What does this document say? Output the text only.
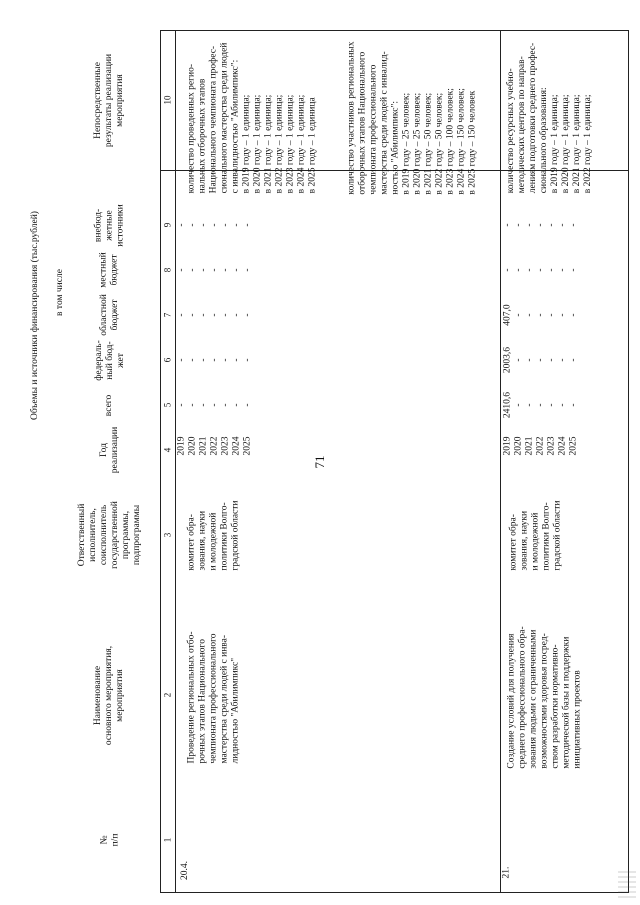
71
Непосредственные
результаты реализации
мероприятия	10
внебюд-
жетные
источники
местный
бюджет
областной
бюджет
федераль-
ный бюд-
жет
всего
Объемы и источники финансирования (тыс.рублей) в том числе
Год
реализации
Ответственный
исполнитель,
соисполнитель
государственной
программы,
подпрограммы
Наименование
основного мероприятия,
мероприятия
№
п/п
9
8
7
6
5
4
3
2
1
количество проведенных регио-
нальных отборочных этапов
Национального чемпионата профес-
сионального мастерства среди людей
с инвалидностью "Абилимпикс":
в 2019 году – 1 единица;
в 2020 году – 1 единица;
в 2021 году – 1 единица;
в 2022 году – 1 единица;
в 2023 году – 1 единица;
в 2024 году – 1 единица;
в 2025 году – 1 единица
количество участников региональных
отборочных этапов Национального
чемпионата профессионального
мастерства среди людей с инвалид-
ностью "Абилимпикс":
в 2019 году – 25 человек;
в 2020 году – 25 человек;
в 2021 году – 50 человек;
в 2022 году – 50 человек;
в 2023 году – 100 человек;
в 2024 году – 150 человек;
в 2025 году – 150 человек
комитет обра-
зования, науки
и молодежной
политики Волго-
градской области
Проведение региональных отбо-
рочных этапов Национального
чемпионата профессионального
мастерства среди людей с инва-
лидностью "Абилимпикс"
20.4.
2019 2020 2021 2022 2023 2024 2025
- - - - - - -
- - - - - - -
- - - - - - -
- - - - - - -
- - - - - - -
количество ресурсных учебно-
методических центров по направ-
лениям подготовки среднего профес-
сионального образования:
в 2019 году – 1 единица;
в 2020 году – 1 единица;
в 2021 году – 1 единица;
в 2022 году – 1 единица;
комитет обра-
зования, науки
и молодежной
политики Волго-
градской области
Создание условий для получения
среднего профессионального обра-
зования людьми с ограниченными
возможностями здоровья посред-
ством разработки нормативно-
методической базы и поддержки
инициативных проектов
21.
2019 2020 2021 2022 2023 2024 2025
2410,6 - - - - - -
2003,6 - - - - - -
407,0 - - - - - -
- - - - - - -
- - - - - - -
